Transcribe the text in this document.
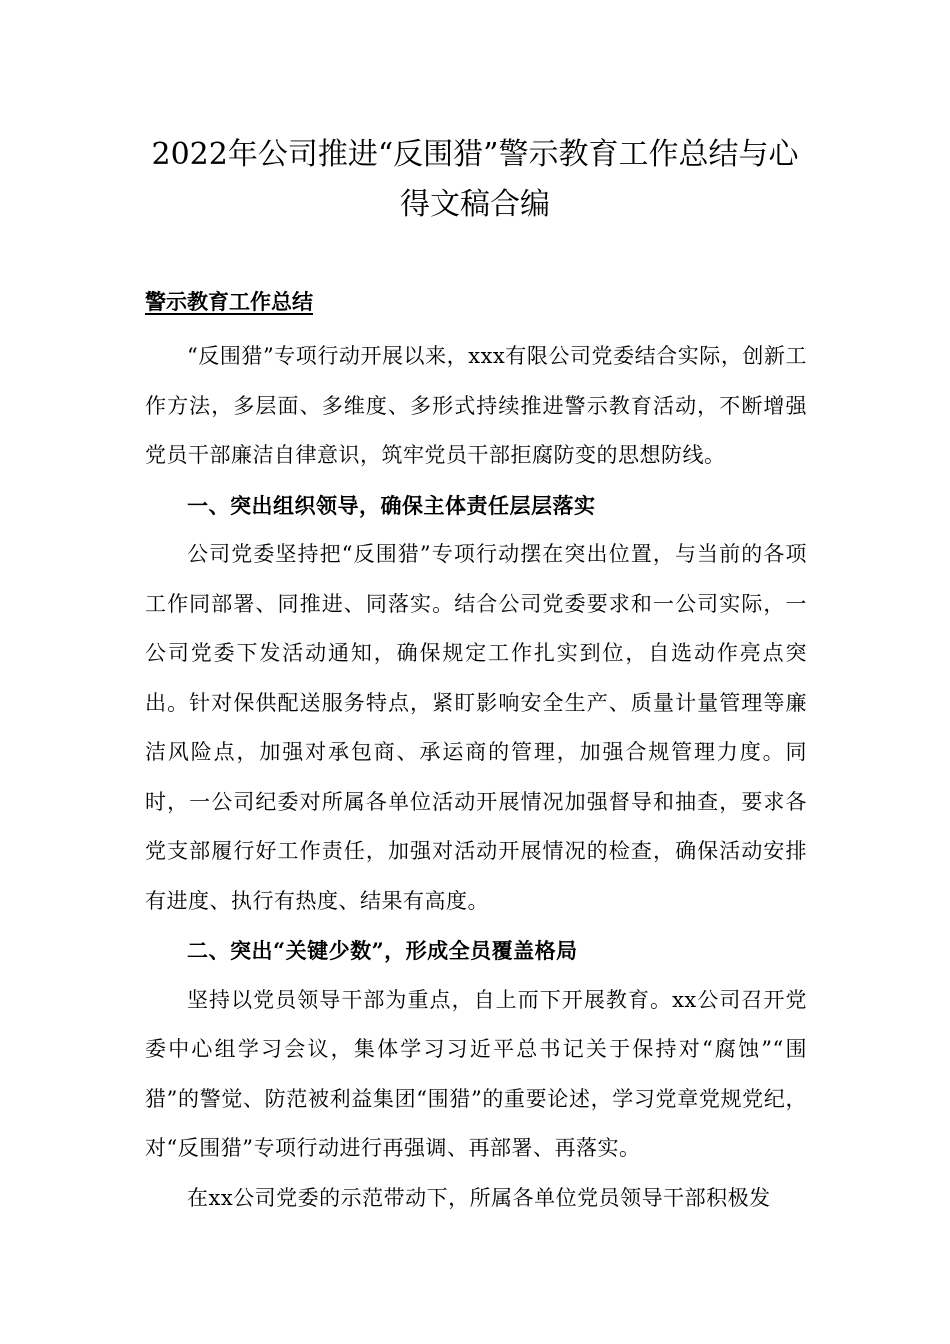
2022年公司推进“反围猎”警示教育工作总结与心
得文稿合编
警示教育工作总结

“反围猎”专项行动开展以来，xxx有限公司党委结合实际，创新工作方法，多层面、多维度、多形式持续推进警示教育活动，不断增强党员干部廉洁自律意识，筑牢党员干部拒腐防变的思想防线。

一、突出组织领导，确保主体责任层层落实

公司党委坚持把“反围猎”专项行动摆在突出位置，与当前的各项工作同部署、同推进、同落实。结合公司党委要求和一公司实际，一公司党委下发活动通知，确保规定工作扎实到位，自选动作亮点突出。针对保供配送服务特点，紧盯影响安全生产、质量计量管理等廉洁风险点，加强对承包商、承运商的管理，加强合规管理力度。同时，一公司纪委对所属各单位活动开展情况加强督导和抽查，要求各党支部履行好工作责任，加强对活动开展情况的检查，确保活动安排有进度、执行有热度、结果有高度。

二、突出“关键少数”，形成全员覆盖格局

坚持以党员领导干部为重点，自上而下开展教育。xx公司召开党委中心组学习会议，集体学习习近平总书记关于保持对“腐蚀”“围猎”的警觉、防范被利益集团“围猎”的重要论述，学习党章党规党纪，对“反围猎”专项行动进行再强调、再部署、再落实。

在xx公司党委的示范带动下，所属各单位党员领导干部积极发
